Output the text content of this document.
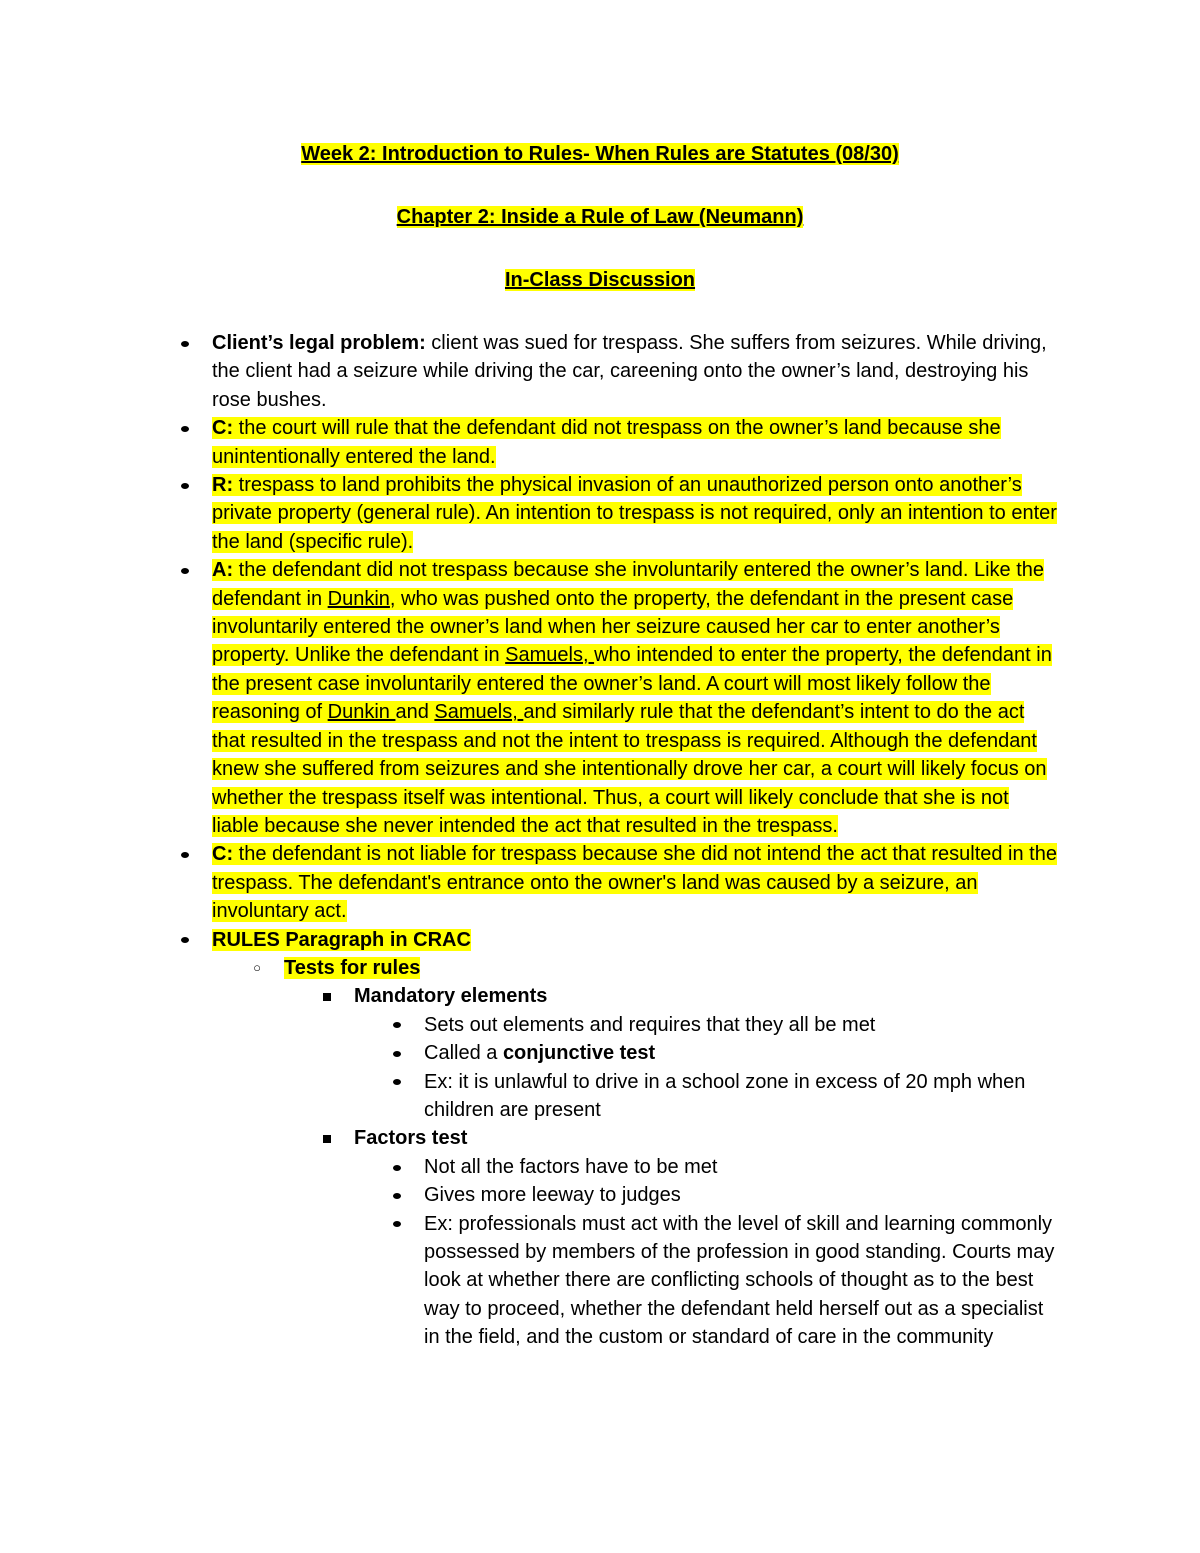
Week 2: Introduction to Rules- When Rules are Statutes (08/30)

Chapter 2: Inside a Rule of Law (Neumann)

In-Class Discussion

Client’s legal problem: client was sued for trespass. She suffers from seizures. While driving, the client had a seizure while driving the car, careening onto the owner’s land, destroying his rose bushes.
C: the court will rule that the defendant did not trespass on the owner’s land because she unintentionally entered the land.
R: trespass to land prohibits the physical invasion of an unauthorized person onto another’s private property (general rule). An intention to trespass is not required, only an intention to enter the land (specific rule).
A: the defendant did not trespass because she involuntarily entered the owner’s land. Like the defendant in Dunkin, who was pushed onto the property, the defendant in the present case involuntarily entered the owner’s land when her seizure caused her car to enter another’s property. Unlike the defendant in Samuels, who intended to enter the property, the defendant in the present case involuntarily entered the owner’s land. A court will most likely follow the reasoning of Dunkin and Samuels, and similarly rule that the defendant’s intent to do the act that resulted in the trespass and not the intent to trespass is required. Although the defendant knew she suffered from seizures and she intentionally drove her car, a court will likely focus on whether the trespass itself was intentional. Thus, a court will likely conclude that she is not liable because she never intended the act that resulted in the trespass.
C: the defendant is not liable for trespass because she did not intend the act that resulted in the trespass. The defendant's entrance onto the owner's land was caused by a seizure, an involuntary act.
RULES Paragraph in CRAC
○ Tests for rules
Mandatory elements
Sets out elements and requires that they all be met
Called a conjunctive test
Ex: it is unlawful to drive in a school zone in excess of 20 mph when children are present
Factors test
Not all the factors have to be met
Gives more leeway to judges
Ex: professionals must act with the level of skill and learning commonly possessed by members of the profession in good standing. Courts may look at whether there are conflicting schools of thought as to the best way to proceed, whether the defendant held herself out as a specialist in the field, and the custom or standard of care in the community
